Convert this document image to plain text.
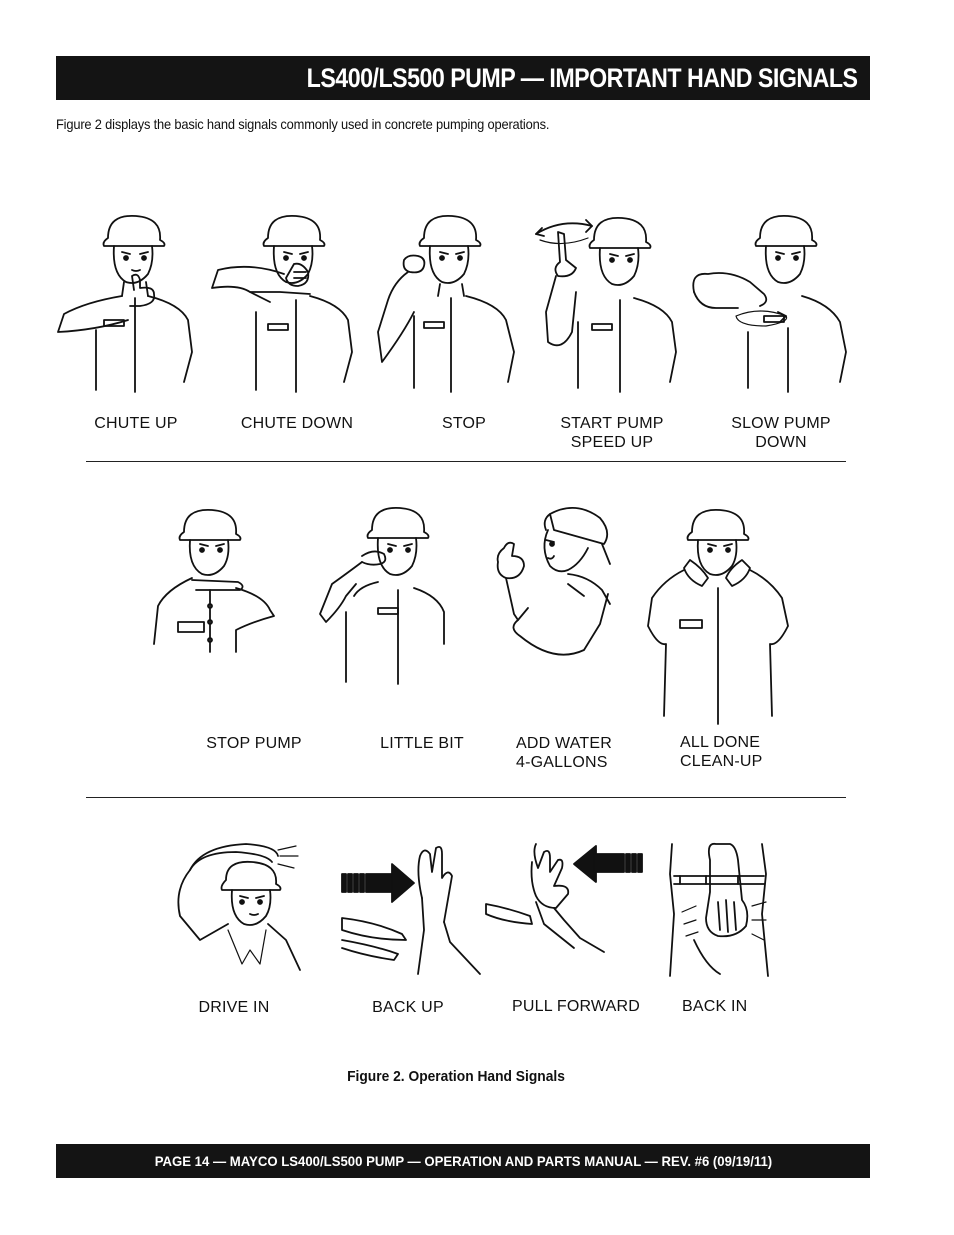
LS400/LS500 PUMP — IMPORTANT HAND SIGNALS
Figure 2 displays the basic hand signals commonly used in concrete pumping operations.
CHUTE UP	CHUTE DOWN	STOP	START PUMP
SPEED UP
SLOW PUMP
DOWN
STOP PUMP	LITTLE BIT	ADD WATER
4-GALLONS
ALL DONE
CLEAN-UP
DRIVE IN	BACK UP	PULL FORWARD	BACK IN
Figure 2. Operation Hand Signals
PAGE 14 — MAYCO LS400/LS500 PUMP — OPERATION AND PARTS MANUAL — REV. #6 (09/19/11)
